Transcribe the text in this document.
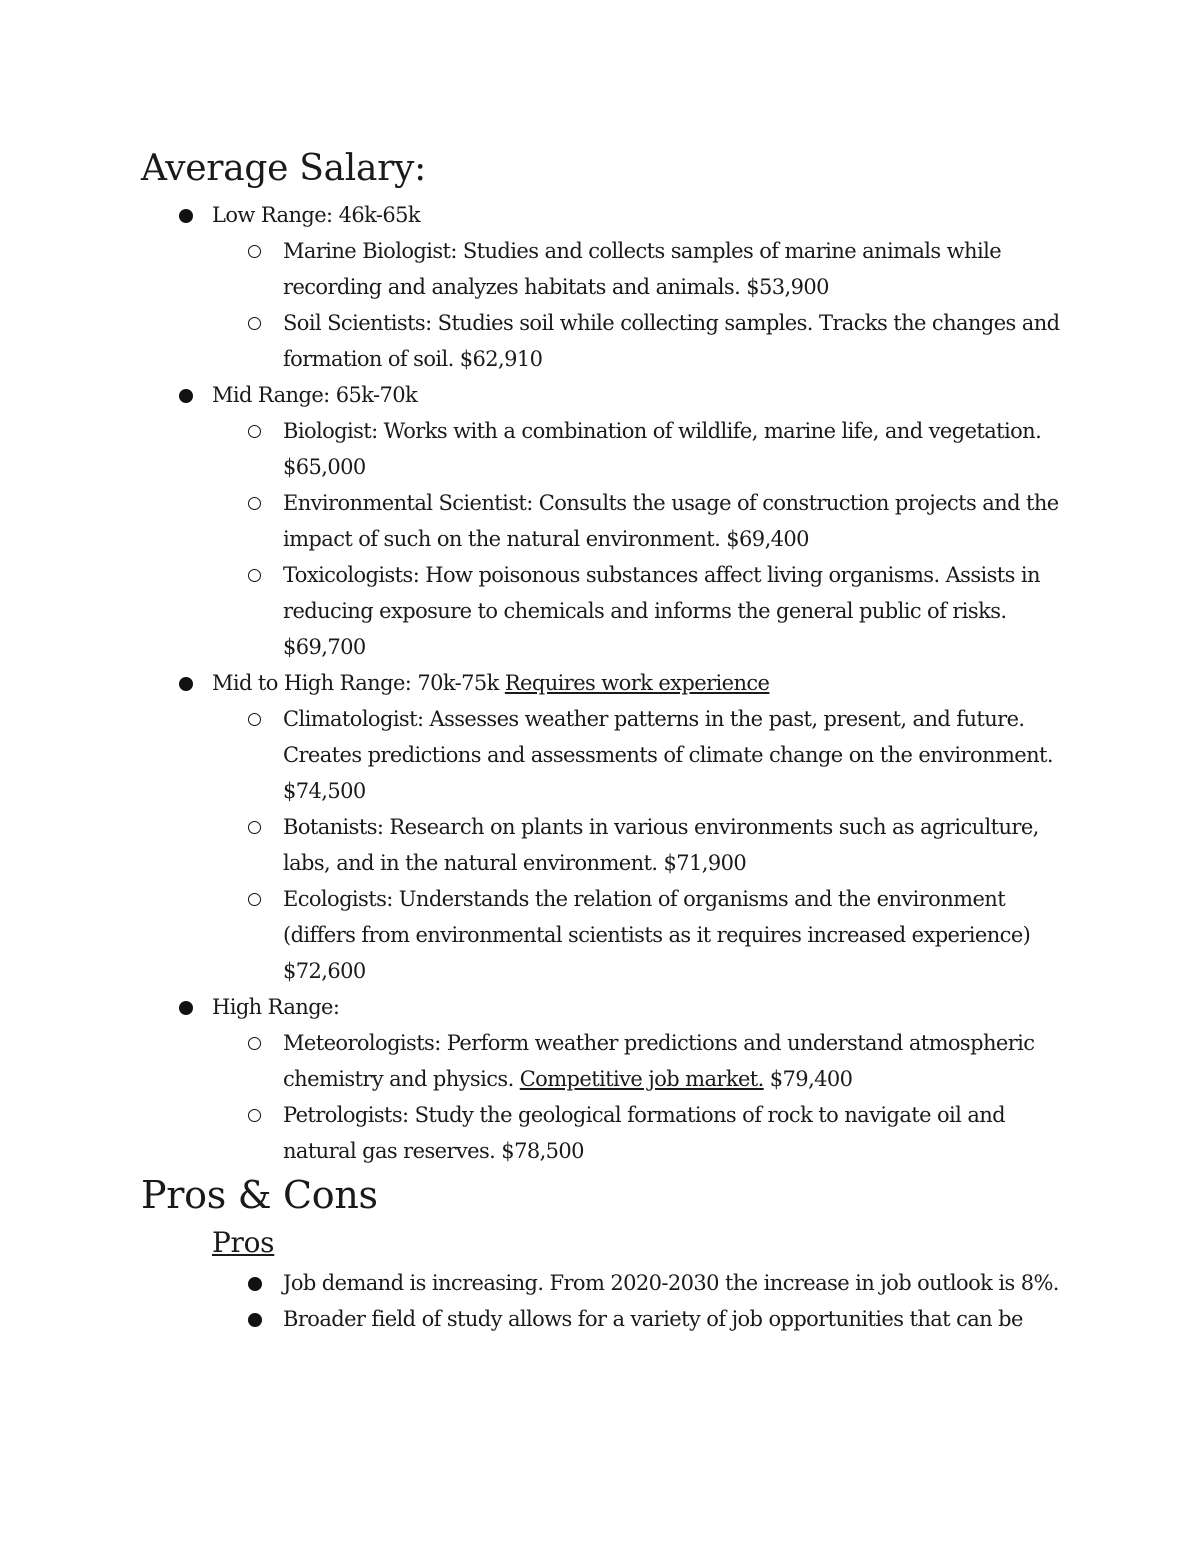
Average Salary:
Low Range: 46k-65k
Marine Biologist: Studies and collects samples of marine animals while recording and analyzes habitats and animals. $53,900
Soil Scientists: Studies soil while collecting samples. Tracks the changes and formation of soil. $62,910
Mid Range: 65k-70k
Biologist: Works with a combination of wildlife, marine life, and vegetation. $65,000
Environmental Scientist: Consults the usage of construction projects and the impact of such on the natural environment. $69,400
Toxicologists: How poisonous substances affect living organisms. Assists in reducing exposure to chemicals and informs the general public of risks. $69,700
Mid to High Range: 70k-75k Requires work experience
Climatologist: Assesses weather patterns in the past, present, and future. Creates predictions and assessments of climate change on the environment. $74,500
Botanists: Research on plants in various environments such as agriculture, labs, and in the natural environment. $71,900
Ecologists: Understands the relation of organisms and the environment (differs from environmental scientists as it requires increased experience) $72,600
High Range:
Meteorologists: Perform weather predictions and understand atmospheric chemistry and physics. Competitive job market. $79,400
Petrologists: Study the geological formations of rock to navigate oil and natural gas reserves. $78,500
Pros & Cons
Pros
Job demand is increasing. From 2020-2030 the increase in job outlook is 8%.
Broader field of study allows for a variety of job opportunities that can be
